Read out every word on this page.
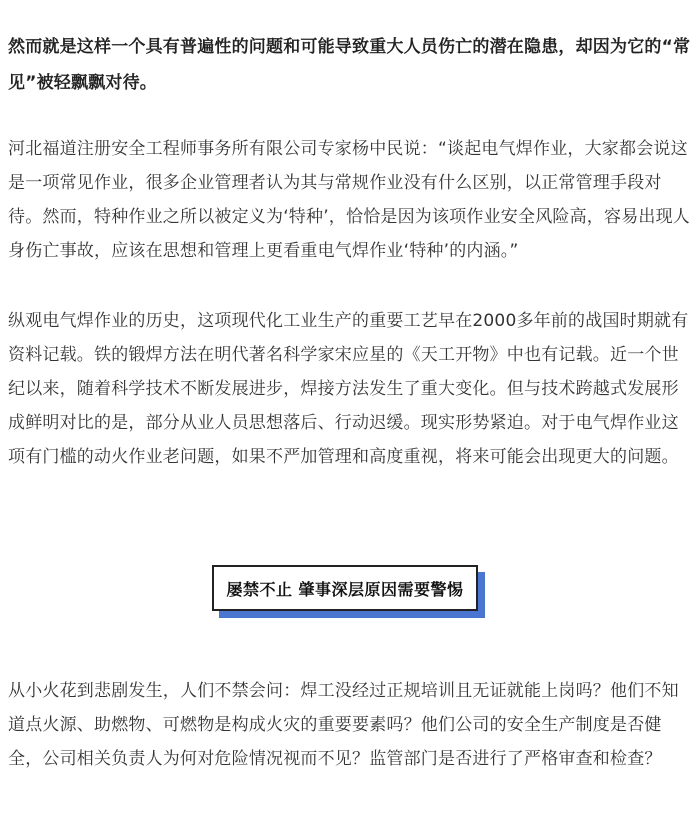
然而就是这样一个具有普遍性的问题和可能导致重大人员伤亡的潜在隐患，却因为它的“常见”被轻飘飘对待。

河北福道注册安全工程师事务所有限公司专家杨中民说：“谈起电气焊作业，大家都会说这是一项常见作业，很多企业管理者认为其与常规作业没有什么区别，以正常管理手段对待。然而，特种作业之所以被定义为‘特种’，恰恰是因为该项作业安全风险高，容易出现人身伤亡事故，应该在思想和管理上更看重电气焊作业‘特种’的内涵。”

纵观电气焊作业的历史，这项现代化工业生产的重要工艺早在2000多年前的战国时期就有资料记载。铁的锻焊方法在明代著名科学家宋应星的《天工开物》中也有记载。近一个世纪以来，随着科学技术不断发展进步，焊接方法发生了重大变化。但与技术跨越式发展形成鲜明对比的是，部分从业人员思想落后、行动迟缓。现实形势紧迫。对于电气焊作业这项有门槛的动火作业老问题，如果不严加管理和高度重视，将来可能会出现更大的问题。

屡禁不止 肇事深层原因需要警惕

从小火花到悲剧发生，人们不禁会问：焊工没经过正规培训且无证就能上岗吗？他们不知道点火源、助燃物、可燃物是构成火灾的重要要素吗？他们公司的安全生产制度是否健全，公司相关负责人为何对危险情况视而不见？监管部门是否进行了严格审查和检查？
